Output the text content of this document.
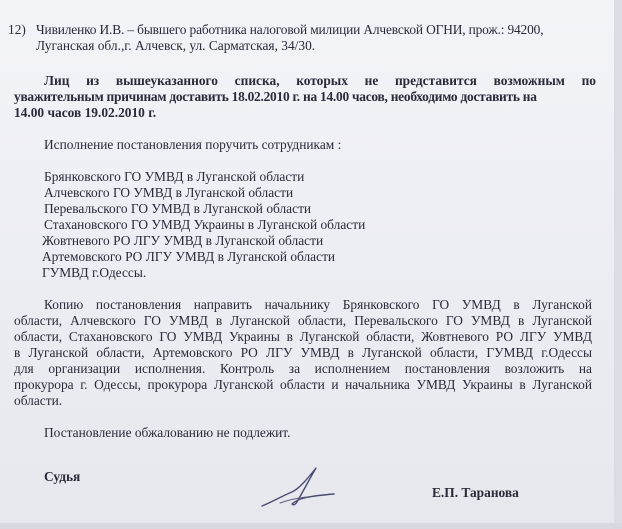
12) Чивиленко И.В. – бывшего работника налоговой милиции Алчевской ОГНИ, прож.: 94200,
Луганская обл.,г. Алчевск, ул. Сарматская, 34/30.
Лиц из вышеуказанного списка, которых не представится возможным по
уважительным причинам доставить 18.02.2010 г. на 14.00 часов, необходимо доставить на
14.00 часов 19.02.2010 г.
Исполнение постановления поручить сотрудникам :
Брянковского ГО УМВД в Луганской области
Алчевского ГО УМВД в Луганской области
Перевальского ГО УМВД в Луганской области
Стахановского ГО УМВД Украины в Луганской области
Жовтневого РО ЛГУ УМВД в Луганской области
Артемовского РО ЛГУ УМВД в Луганской области
ГУМВД г.Одессы.
Копию постановления направить начальнику Брянковского ГО УМВД в Луганской
области, Алчевского ГО УМВД в Луганской области, Перевальского ГО УМВД в Луганской
области, Стахановского ГО УМВД Украины в Луганской области, Жовтневого РО ЛГУ УМВД
в Луганской области, Артемовского РО ЛГУ УМВД в Луганской области, ГУМВД г.Одессы
для организации исполнения. Контроль за исполнением постановления возложить на
прокурора г. Одессы, прокурора Луганской области и начальника УМВД Украины в Луганской
области.
Постановление обжалованию не подлежит.
Судья
Е.П. Таранова
